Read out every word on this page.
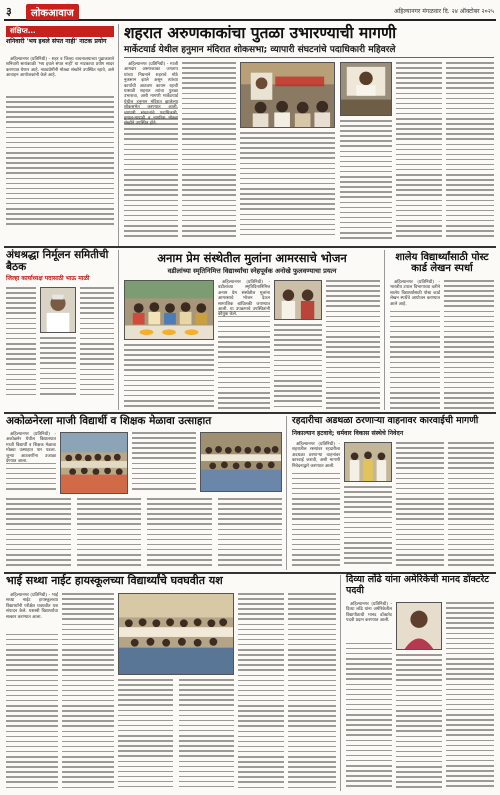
३	लोकआवाज	अहिल्यानगर मंगळवार दि. २४ ऑक्टोबर २०२५
संक्षिप्त...
शनिवारी 'भय इथले संपत नाही' नाटक प्रयोग

अहिल्यानगर (प्रतिनिधी) - शहर व जिल्हा वाचनालयाच्या पुढाकाराने शनिवारी सायंकाळी 'भय इथले संपत नाही' या नाटकाचा प्रयोग सादर करण्यात येणार आहे. नाट्यप्रेमींनी मोठ्या संख्येने उपस्थित रहावे, असे आवाहन आयोजकांनी केले आहे.

शहरात अरुणकाकांचा पुतळा उभारण्याची मागणी
मार्केटयार्ड येथील हनुमान मंदिरात शोकसभा; व्यापारी संघटनांचे पदाधिकारी महिवरले

अहिल्यानगर (प्रतिनिधी) - माजी आमदार अरुणकाका जगताप यांच्या निधनाने शहराचे मोठे नुकसान झाले असून त्यांच्या कार्याची आठवण कायम रहावी यासाठी शहरात त्यांचा पुतळा उभारावा, अशी मागणी मार्केटयार्ड येथील हनुमान मंदिरात झालेल्या शोकसभेत करण्यात आली. व्यापारी संघटनांचे पदाधिकारी, हमाल-मापाडी व नागरिक मोठ्या संख्येने उपस्थित होते.

अंधश्रद्धा निर्मूलन समितीची बैठक
जिल्हा कार्याध्यक्ष पदासाठी भाऊ माळी
अनाम प्रेम संस्थेतील मुलांना आमरसाचे भोजन
वडीलांच्या स्मृतिनिमित्त विद्यार्थ्यांचा स्नेहपूर्वक अनोखे फुलवण्याचा प्रयत्न

अहिल्यानगर (प्रतिनिधी) - वडीलांच्या स्मृतिदिनानिमित्त अनाम प्रेम संस्थेतील मुलांना आमरसाचे भोजन देऊन सामाजिक बांधिलकी जपण्यात आली. या उपक्रमाचे उपस्थितांनी कौतुक केले.

शालेय विद्यार्थ्यांसाठी पोस्ट कार्ड लेखन स्पर्धा

अहिल्यानगर (प्रतिनिधी) - भारतीय टपाल विभागाच्या वतीने शालेय विद्यार्थ्यांसाठी पोस्ट कार्ड लेखन स्पर्धेचे आयोजन करण्यात आले आहे.

अकोळनेरला माजी विद्यार्थी व शिक्षक मेळावा उत्साहात

अहिल्यानगर (प्रतिनिधी) - अकोळनेर येथील विद्यालयात माजी विद्यार्थी व शिक्षक मेळावा मोठ्या उत्साहात पार पडला. जुन्या आठवणींना उजाळा देण्यात आला.

रहदारीचा अडथळा ठरणाऱ्या वाहनावर कारवाईची मागणी
निकाल्यान हटवावे; धर्मवार विकास संस्थेचे निवेदन

अहिल्यानगर (प्रतिनिधी) - शहरातील रस्त्यांवर रहदारीला अडथळा ठरणाऱ्या वाहनांवर कारवाई करावी, अशी मागणी निवेदनाद्वारे करण्यात आली.

भाई सथ्था नाईट हायस्कूलच्या विद्यार्थ्यांचे घवघवीत यश

अहिल्यानगर (प्रतिनिधी) - भाई सथ्था नाईट हायस्कूलच्या विद्यार्थ्यांनी परीक्षेत घवघवीत यश संपादन केले. यशस्वी विद्यार्थ्यांचा सत्कार करण्यात आला.

दिव्या लोंढे यांना अमेरिकेची मानद डॉक्टरेट पदवी

अहिल्यानगर (प्रतिनिधी) - दिव्या लोंढे यांना अमेरिकेतील विद्यापीठाची मानद डॉक्टरेट पदवी प्रदान करण्यात आली.
